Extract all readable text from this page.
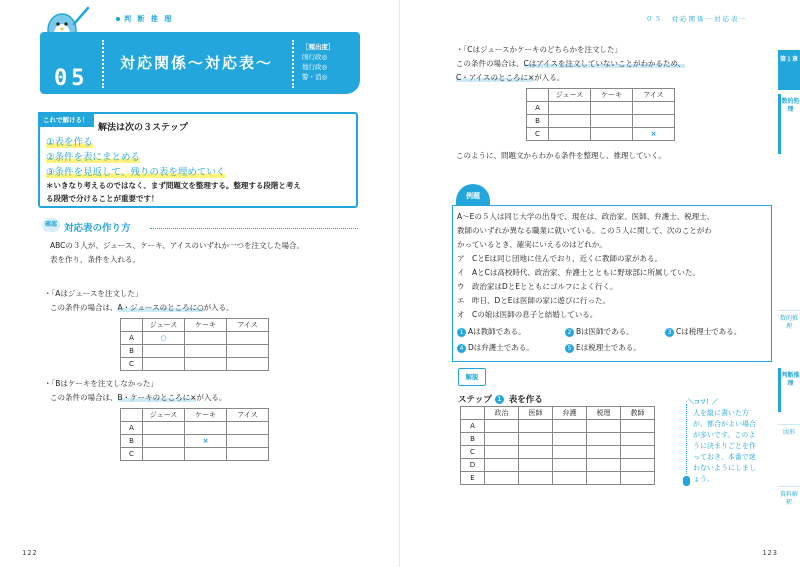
判 断 推 理
05
対応関係～対応表～
［頻出度］
国行政◎
地行政◎
警・消◎
これで解ける！
解法は次の３ステップ
①表を作る
②条件を表にまとめる
③条件を見返して、残りの表を埋めていく
＊いきなり考えるのではなく、まず問題文を整理する。整理する段階と考え
る段階で分けることが重要です！
確認 対応表の作り方
ABCの３人が、ジュース、ケーキ、アイスのいずれか一つを注文した場合。
表を作り、条件を入れる。
・「Aはジュースを注文した」
この条件の場合は、A・ジュースのところに○が入る。
	ジュース	ケーキ	アイス
A	○		
B			
C			
・「Bはケーキを注文しなかった」
この条件の場合は、B・ケーキのところに×が入る。
	ジュース	ケーキ	アイス
A			
B		×	
C			
122
０５　対応関係－対応表－
・「Cはジュースかケーキのどちらかを注文した」
この条件の場合は、Cはアイスを注文していないことがわかるため、
C・アイスのところに×が入る。
	ジュース	ケーキ	アイス
A			
B			
C			×
このように、問題文からわかる条件を整理し、推理していく。
例題
A～Eの５人は同じ大学の出身で、現在は、政治家、医師、弁護士、税理士、
教師のいずれか異なる職業に就いている。この５人に関して、次のことがわ
かっているとき、確実にいえるのはどれか。
ア　CとEは同じ団地に住んでおり、近くに教師の家がある。
イ　AとCは高校時代、政治家、弁護士とともに野球部に所属していた。
ウ　政治家はDとEとともにゴルフによく行く。
エ　昨日、DとEは医師の家に遊びに行った。
オ　Cの娘は医師の息子と結婚している。
1 Aは教師である。	2 Bは医師である。	3 Cは税理士である。
4 Dは弁護士である。	5 Eは税理士である。
解説
ステップ 1 表を作る
	政治	医師	弁護	税理	教師
A					
B					
C					
D					
E					
＼コツ！／
人を縦に書いた方が、都合がよい場合が多いです。このように決まりごとを作っておき、本番で迷わないようにしましょう。
第１章
数的処理
数的推理
判断推理
図形
資料解釈
123
